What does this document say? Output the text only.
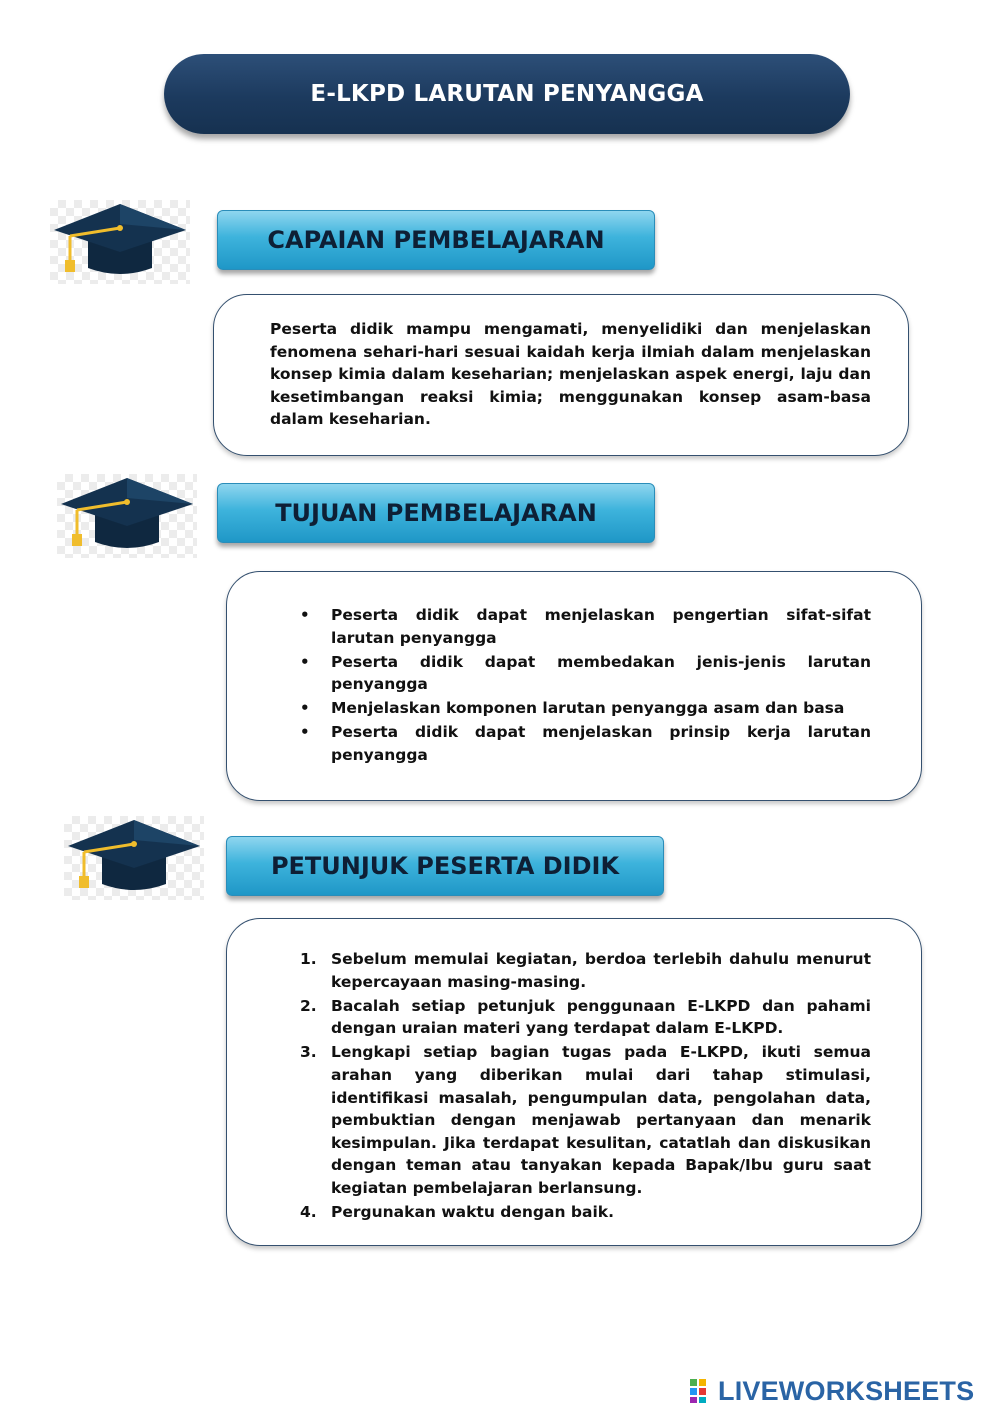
E-LKPD LARUTAN PENYANGGA
CAPAIAN PEMBELAJARAN

Peserta didik mampu mengamati, menyelidiki dan menjelaskan fenomena sehari-hari sesuai kaidah kerja ilmiah dalam menjelaskan konsep kimia dalam keseharian; menjelaskan aspek energi, laju dan kesetimbangan reaksi kimia; menggunakan konsep asam-basa dalam keseharian.

TUJUAN PEMBELAJARAN
• Peserta didik dapat menjelaskan pengertian sifat-sifat larutan penyangga
• Peserta didik dapat membedakan jenis-jenis larutan penyangga
• Menjelaskan komponen larutan penyangga asam dan basa
• Peserta didik dapat menjelaskan prinsip kerja larutan penyangga
PETUNJUK PESERTA DIDIK
1. Sebelum memulai kegiatan, berdoa terlebih dahulu menurut kepercayaan masing-masing.
2. Bacalah setiap petunjuk penggunaan E-LKPD dan pahami dengan uraian materi yang terdapat dalam E-LKPD.
3. Lengkapi setiap bagian tugas pada E-LKPD, ikuti semua arahan yang diberikan mulai dari tahap stimulasi, identifikasi masalah, pengumpulan data, pengolahan data, pembuktian dengan menjawab pertanyaan dan menarik kesimpulan. Jika terdapat kesulitan, catatlah dan diskusikan dengan teman atau tanyakan kepada Bapak/Ibu guru saat kegiatan pembelajaran berlansung.
4. Pergunakan waktu dengan baik.
LIVEWORKSHEETS
